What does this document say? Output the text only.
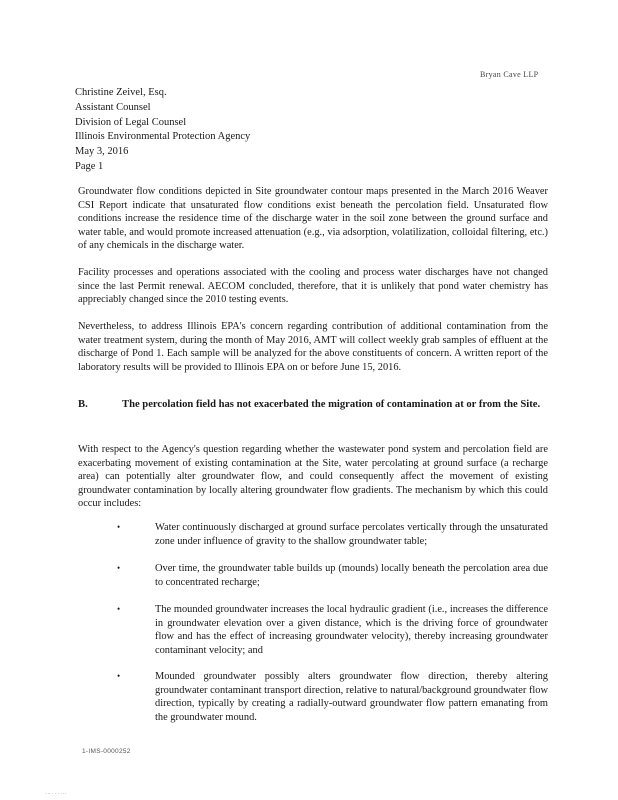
Bryan Cave LLP
Christine Zeivel, Esq.
Assistant Counsel
Division of Legal Counsel
Illinois Environmental Protection Agency
May 3, 2016
Page 1

Groundwater flow conditions depicted in Site groundwater contour maps presented in the March 2016 Weaver CSI Report indicate that unsaturated flow conditions exist beneath the percolation field. Unsaturated flow conditions increase the residence time of the discharge water in the soil zone between the ground surface and water table, and would promote increased attenuation (e.g., via adsorption, volatilization, colloidal filtering, etc.) of any chemicals in the discharge water.

Facility processes and operations associated with the cooling and process water discharges have not changed since the last Permit renewal. AECOM concluded, therefore, that it is unlikely that pond water chemistry has appreciably changed since the 2010 testing events.

Nevertheless, to address Illinois EPA's concern regarding contribution of additional contamination from the water treatment system, during the month of May 2016, AMT will collect weekly grab samples of effluent at the discharge of Pond 1. Each sample will be analyzed for the above constituents of concern. A written report of the laboratory results will be provided to Illinois EPA on or before June 15, 2016.

B.	The percolation field has not exacerbated the migration of contamination at or from the Site.

With respect to the Agency's question regarding whether the wastewater pond system and percolation field are exacerbating movement of existing contamination at the Site, water percolating at ground surface (a recharge area) can potentially alter groundwater flow, and could consequently affect the movement of existing groundwater contamination by locally altering groundwater flow gradients. The mechanism by which this could occur includes:

•	Water continuously discharged at ground surface percolates vertically through the unsaturated zone under influence of gravity to the shallow groundwater table;
•	Over time, the groundwater table builds up (mounds) locally beneath the percolation area due to concentrated recharge;
•	The mounded groundwater increases the local hydraulic gradient (i.e., increases the difference in groundwater elevation over a given distance, which is the driving force of groundwater flow and has the effect of increasing groundwater velocity), thereby increasing groundwater contaminant velocity; and
•	Mounded groundwater possibly alters groundwater flow direction, thereby altering groundwater contaminant transport direction, relative to natural/background groundwater flow direction, typically by creating a radially-outward groundwater flow pattern emanating from the groundwater mound.
1-IMS-0000252
. .. . . . . ..
